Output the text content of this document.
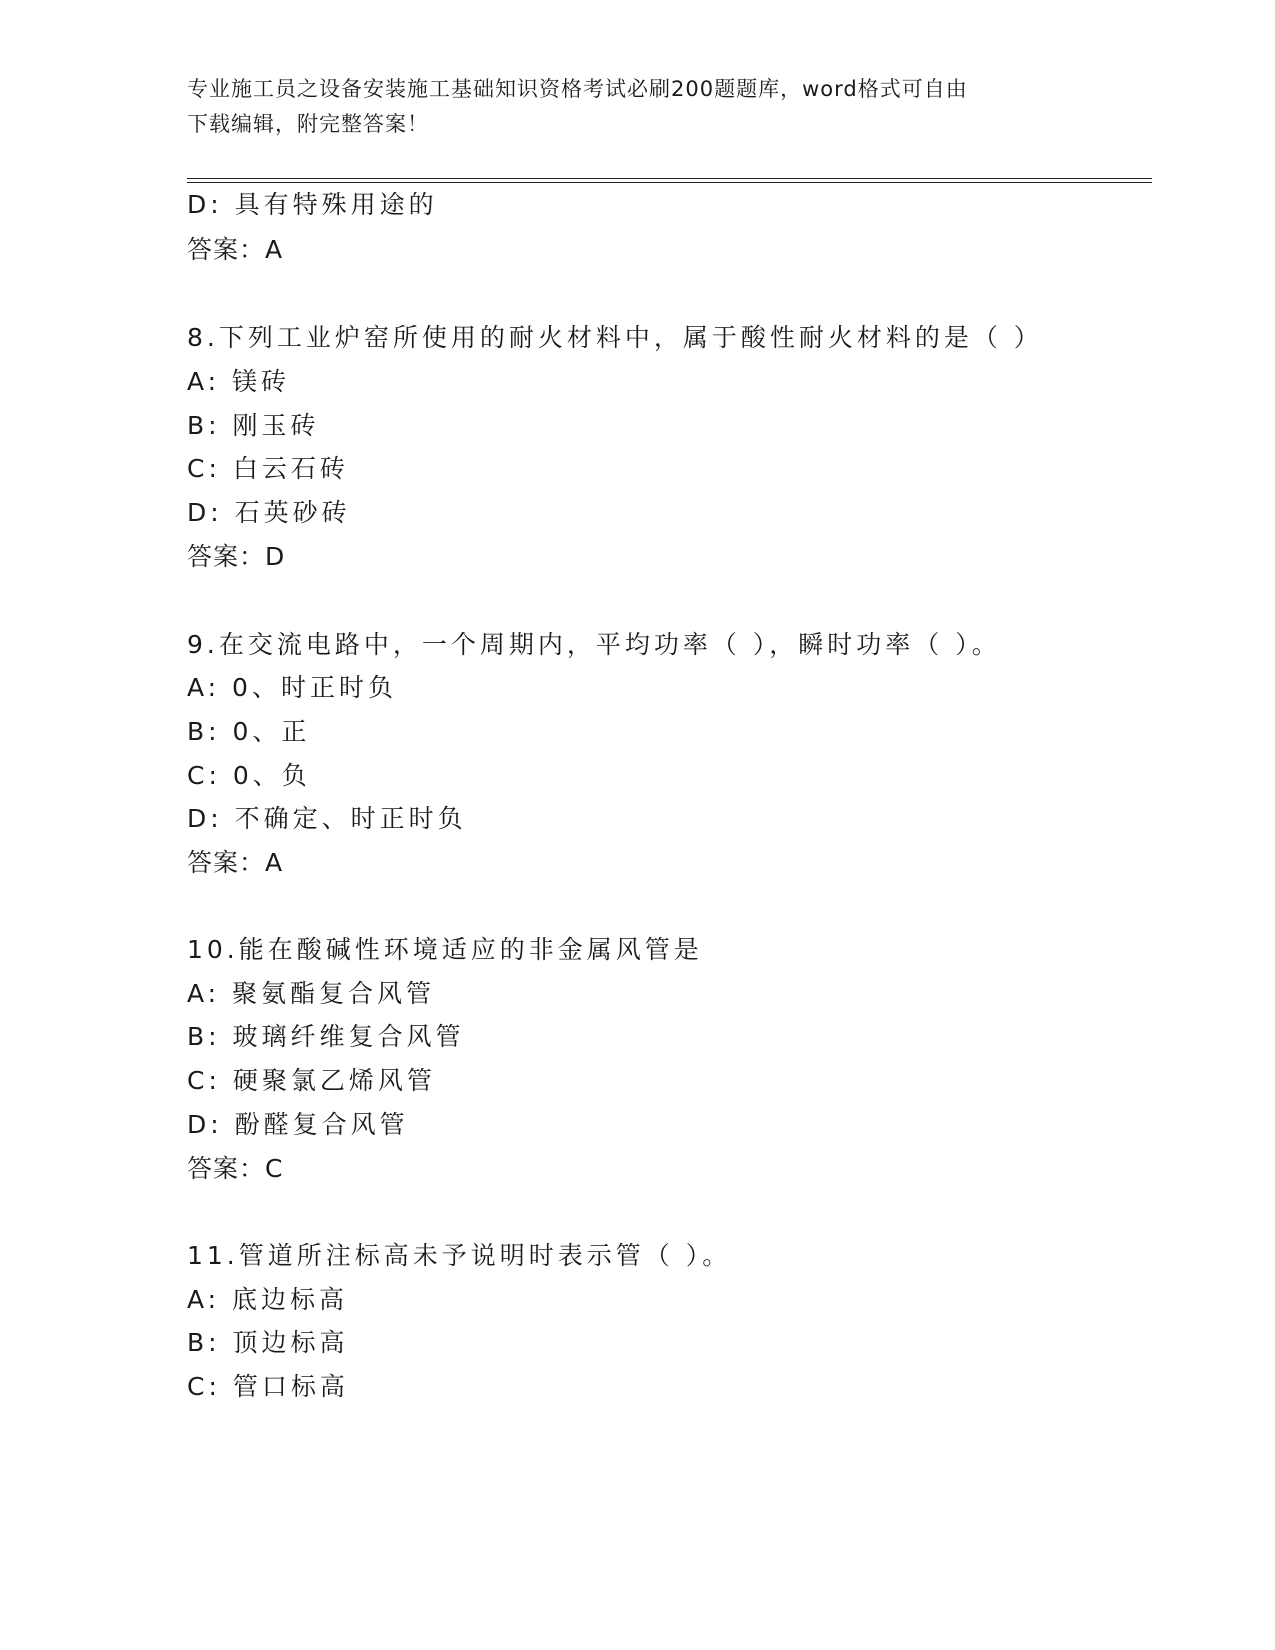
专业施工员之设备安装施工基础知识资格考试必刷200题题库，word格式可自由
下载编辑，附完整答案！
D: 具有特殊用途的
答案：A
8.下列工业炉窑所使用的耐火材料中，属于酸性耐火材料的是（ ）
A: 镁砖
B: 刚玉砖
C: 白云石砖
D: 石英砂砖
答案：D
9.在交流电路中，一个周期内，平均功率（ ），瞬时功率（ ）。
A: 0、时正时负
B: 0、正
C: 0、负
D: 不确定、时正时负
答案：A
10.能在酸碱性环境适应的非金属风管是
A: 聚氨酯复合风管
B: 玻璃纤维复合风管
C: 硬聚氯乙烯风管
D: 酚醛复合风管
答案：C
11.管道所注标高未予说明时表示管（ ）。
A: 底边标高
B: 顶边标高
C: 管口标高
